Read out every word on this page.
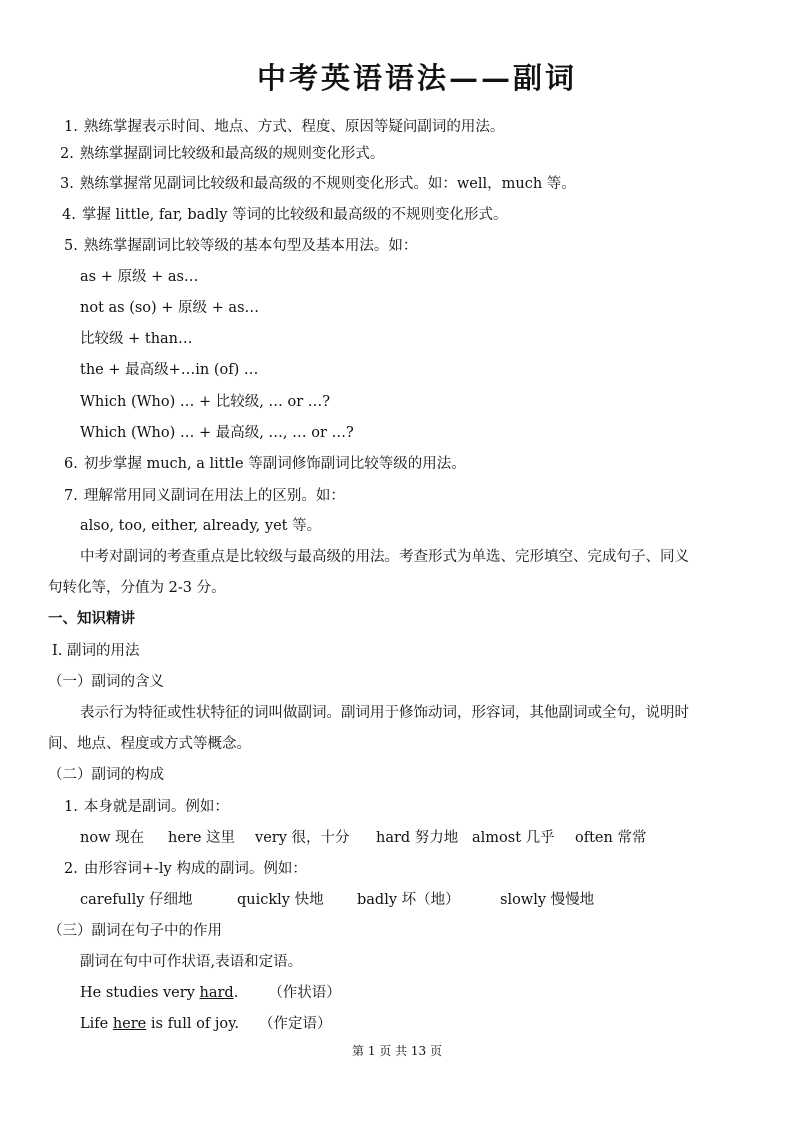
中考英语语法——副词
1. 熟练掌握表示时间、地点、方式、程度、原因等疑问副词的用法。
2. 熟练掌握副词比较级和最高级的规则变化形式。
3. 熟练掌握常见副词比较级和最高级的不规则变化形式。如：well，much 等。
4. 掌握 little, far, badly 等词的比较级和最高级的不规则变化形式。
5. 熟练掌握副词比较等级的基本句型及基本用法。如：
as + 原级 + as…
not as (so) + 原级 + as…
比较级 + than…
the + 最高级+…in (of) …
Which (Who) … + 比较级, … or …?
Which (Who) … + 最高级, …, … or …?
6. 初步掌握 much, a little 等副词修饰副词比较等级的用法。
7. 理解常用同义副词在用法上的区别。如：
also, too, either, already, yet 等。
中考对副词的考查重点是比较级与最高级的用法。考查形式为单选、完形填空、完成句子、同义
句转化等，分值为 2-3 分。
一、知识精讲
Ⅰ. 副词的用法
（一）副词的含义
表示行为特征或性状特征的词叫做副词。副词用于修饰动词，形容词，其他副词或全句，说明时
间、地点、程度或方式等概念。
（二）副词的构成
1. 本身就是副词。例如：
now 现在 here 这里 very 很，十分 hard 努力地 almost 几乎 often 常常
2. 由形容词+-ly 构成的副词。例如：
carefully 仔细地	quickly 快地 badly 坏（地）	slowly 慢慢地
（三）副词在句子中的作用
副词在句中可作状语,表语和定语。
He studies very hard. （作状语）
Life here is full of joy. （作定语）
第 1 页 共 13 页
